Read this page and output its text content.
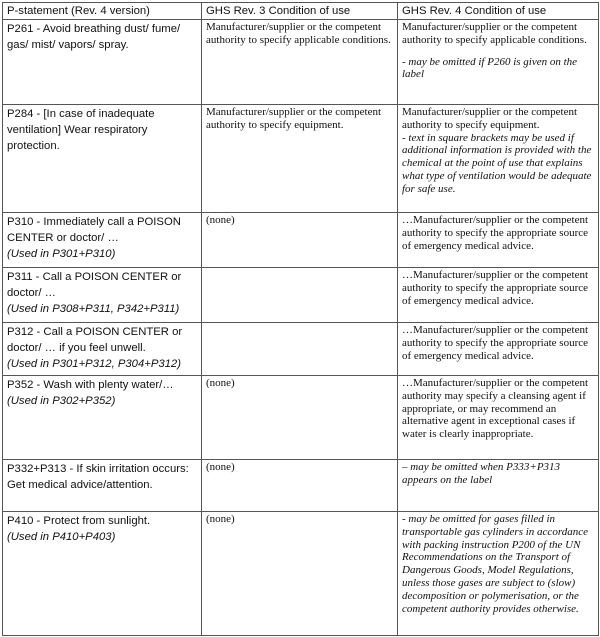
P-statement (Rev. 4 version)	GHS Rev. 3 Condition of use	GHS Rev. 4 Condition of use

P261 - Avoid breathing dust/ fume/ gas/ mist/ vapors/ spray.	Manufacturer/supplier or the competent authority to specify applicable conditions.	Manufacturer/supplier or the competent authority to specify applicable conditions.
- may be omitted if P260 is given on the label

P284 - [In case of inadequate ventilation] Wear respiratory protection.	Manufacturer/supplier or the competent authority to specify equipment.	Manufacturer/supplier or the competent authority to specify equipment.
- text in square brackets may be used if additional information is provided with the chemical at the point of use that explains what type of ventilation would be adequate for safe use.

P310 - Immediately call a POISON CENTER or doctor/ …
(Used in P301+P310)	(none)	…Manufacturer/supplier or the competent authority to specify the appropriate source of emergency medical advice.

P311 - Call a POISON CENTER or doctor/ …
(Used in P308+P311, P342+P311)		…Manufacturer/supplier or the competent authority to specify the appropriate source of emergency medical advice.

P312 - Call a POISON CENTER or doctor/ … if you feel unwell.
(Used in P301+P312, P304+P312)		…Manufacturer/supplier or the competent authority to specify the appropriate source of emergency medical advice.

P352 - Wash with plenty water/…
(Used in P302+P352)	(none)	…Manufacturer/supplier or the competent authority may specify a cleansing agent if appropriate, or may recommend an alternative agent in exceptional cases if water is clearly inappropriate.

P332+P313 - If skin irritation occurs: Get medical advice/attention.	(none)	– may be omitted when P333+P313 appears on the label

P410 - Protect from sunlight.
(Used in P410+P403)	(none)	- may be omitted for gases filled in transportable gas cylinders in accordance with packing instruction P200 of the UN Recommendations on the Transport of Dangerous Goods, Model Regulations, unless those gases are subject to (slow) decomposition or polymerisation, or the competent authority provides otherwise.
